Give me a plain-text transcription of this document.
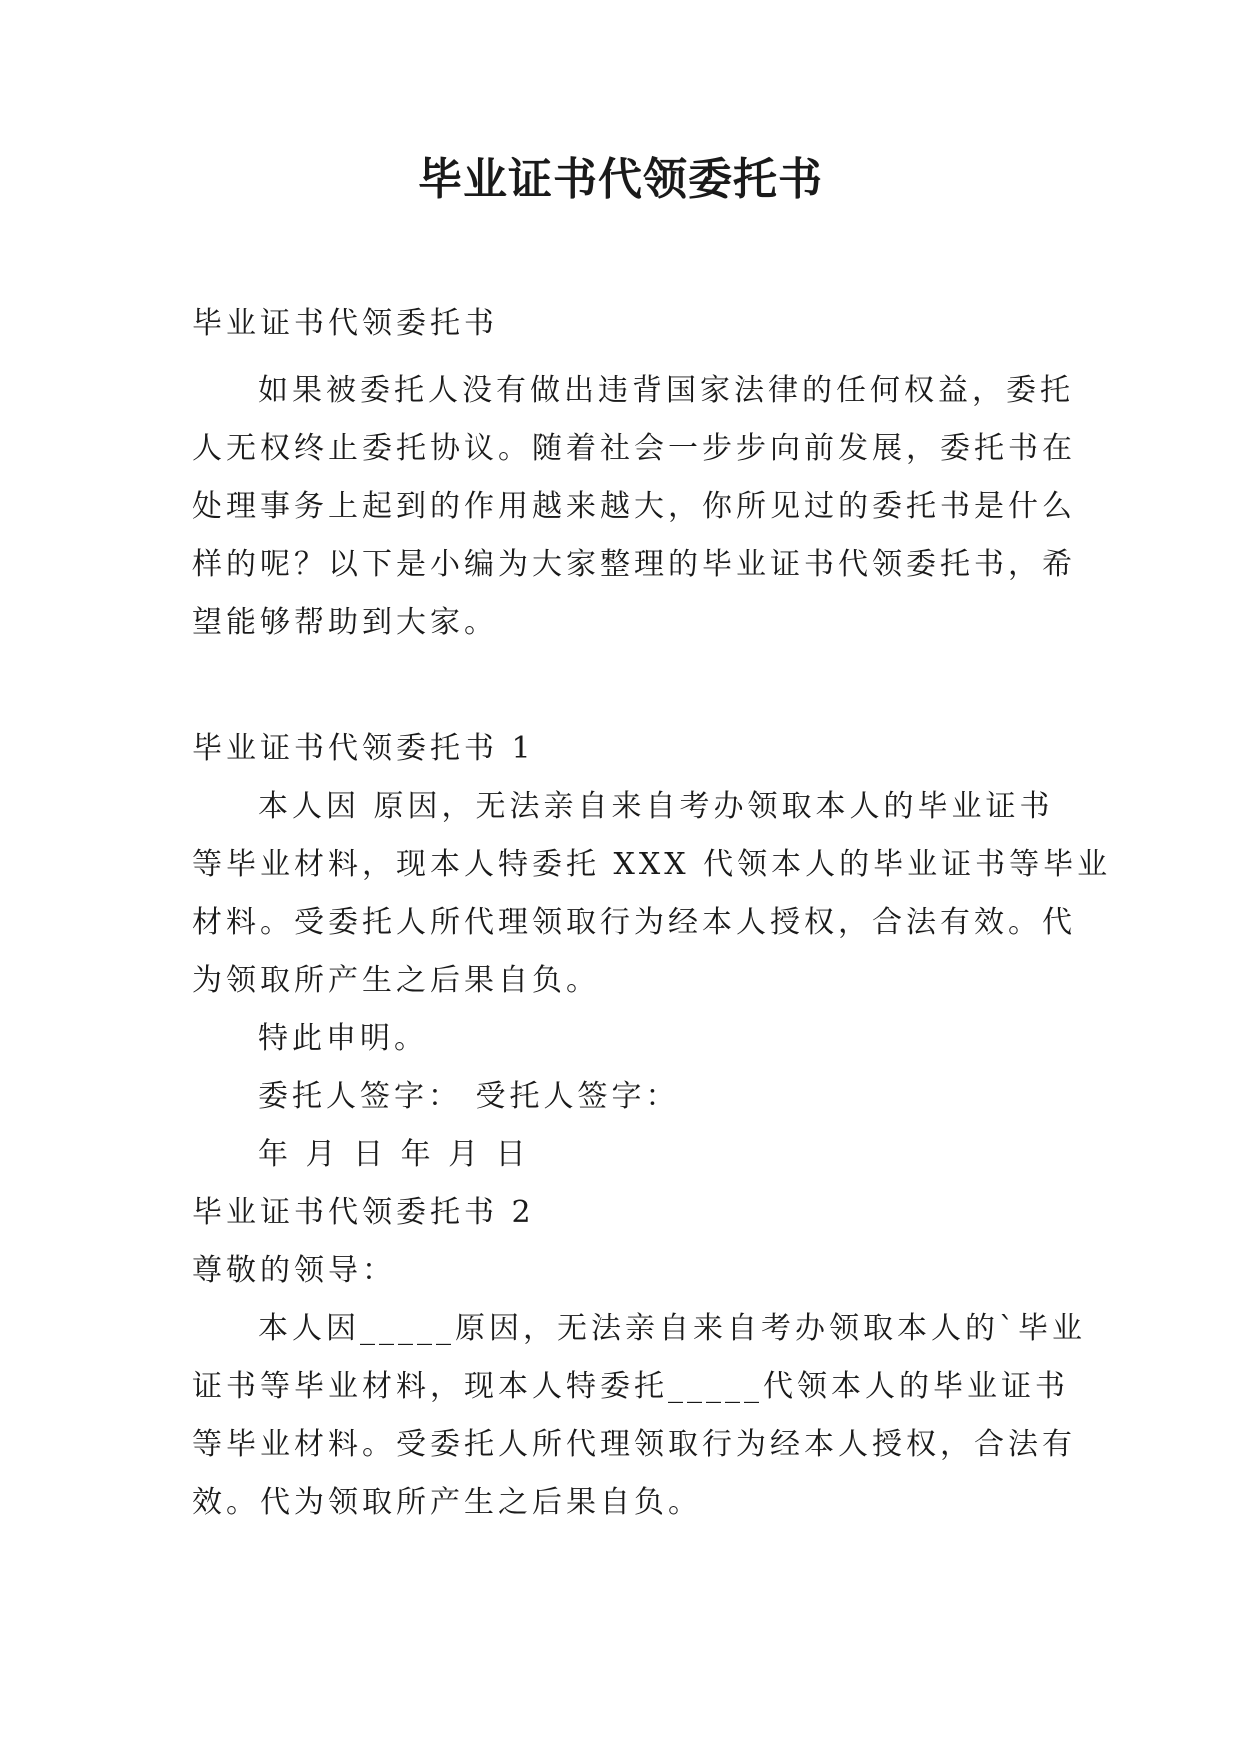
毕业证书代领委托书
毕业证书代领委托书
如果被委托人没有做出违背国家法律的任何权益，委托
人无权终止委托协议。随着社会一步步向前发展，委托书在
处理事务上起到的作用越来越大，你所见过的委托书是什么
样的呢？以下是小编为大家整理的毕业证书代领委托书，希
望能够帮助到大家。
毕业证书代领委托书 1
本人因 原因，无法亲自来自考办领取本人的毕业证书
等毕业材料，现本人特委托 XXX 代领本人的毕业证书等毕业
材料。受委托人所代理领取行为经本人授权，合法有效。代
为领取所产生之后果自负。
特此申明。
委托人签字： 受托人签字：
年 月 日 年 月 日
毕业证书代领委托书 2
尊敬的领导：
本人因_____原因，无法亲自来自考办领取本人的`毕业
证书等毕业材料，现本人特委托_____代领本人的毕业证书
等毕业材料。受委托人所代理领取行为经本人授权，合法有
效。代为领取所产生之后果自负。
